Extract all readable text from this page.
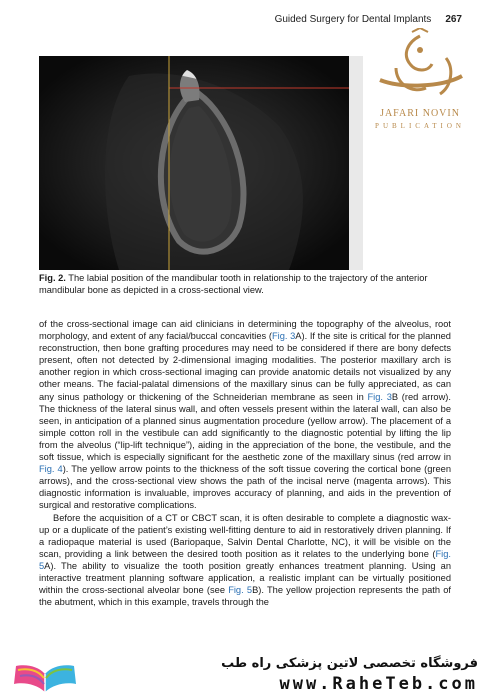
Guided Surgery for Dental Implants 267
JAFARI NOVIN
PUBLICATION
Fig. 2. The labial position of the mandibular tooth in relationship to the trajectory of the anterior mandibular bone as depicted in a cross-sectional view.

of the cross-sectional image can aid clinicians in determining the topography of the alveolus, root morphology, and extent of any facial/buccal concavities (Fig. 3A). If the site is critical for the planned reconstruction, then bone grafting procedures may need to be considered if there are bony defects present, often not detected by 2-dimensional imaging modalities. The posterior maxillary arch is another region in which cross-sectional imaging can provide anatomic details not visualized by any other means. The facial-palatal dimensions of the maxillary sinus can be fully appreciated, as can any sinus pathology or thickening of the Schneiderian membrane as seen in Fig. 3B (red arrow). The thickness of the lateral sinus wall, and often vessels present within the lateral wall, can also be seen, in anticipation of a planned sinus augmentation procedure (yellow arrow). The placement of a simple cotton roll in the vestibule can add significantly to the diagnostic potential by lifting the lip from the alveolus (“lip-lift technique”), aiding in the appreciation of the bone, the vestibule, and the soft tissue, which is especially significant for the aesthetic zone of the maxillary sinus (red arrow in Fig. 4). The yellow arrow points to the thickness of the soft tissue covering the cortical bone (green arrows), and the cross-sectional view shows the path of the incisal nerve (magenta arrows). This diagnostic information is invaluable, improves accuracy of planning, and aids in the prevention of surgical and restorative complications.

Before the acquisition of a CT or CBCT scan, it is often desirable to complete a diagnostic wax-up or a duplicate of the patient’s existing well-fitting denture to aid in restoratively driven planning. If a radiopaque material is used (Bariopaque, Salvin Dental Charlotte, NC), it will be visible on the scan, providing a link between the desired tooth position as it relates to the underlying bone (Fig. 5A). The ability to visualize the tooth position greatly enhances treatment planning. Using an interactive treatment planning software application, a realistic implant can be virtually positioned within the cross-sectional alveolar bone (see Fig. 5B). The yellow projection represents the path of the abutment, which in this example, travels through the

فروشگاه تخصصی لاتین پزشکی راه طب
www.RaheTeb.com
